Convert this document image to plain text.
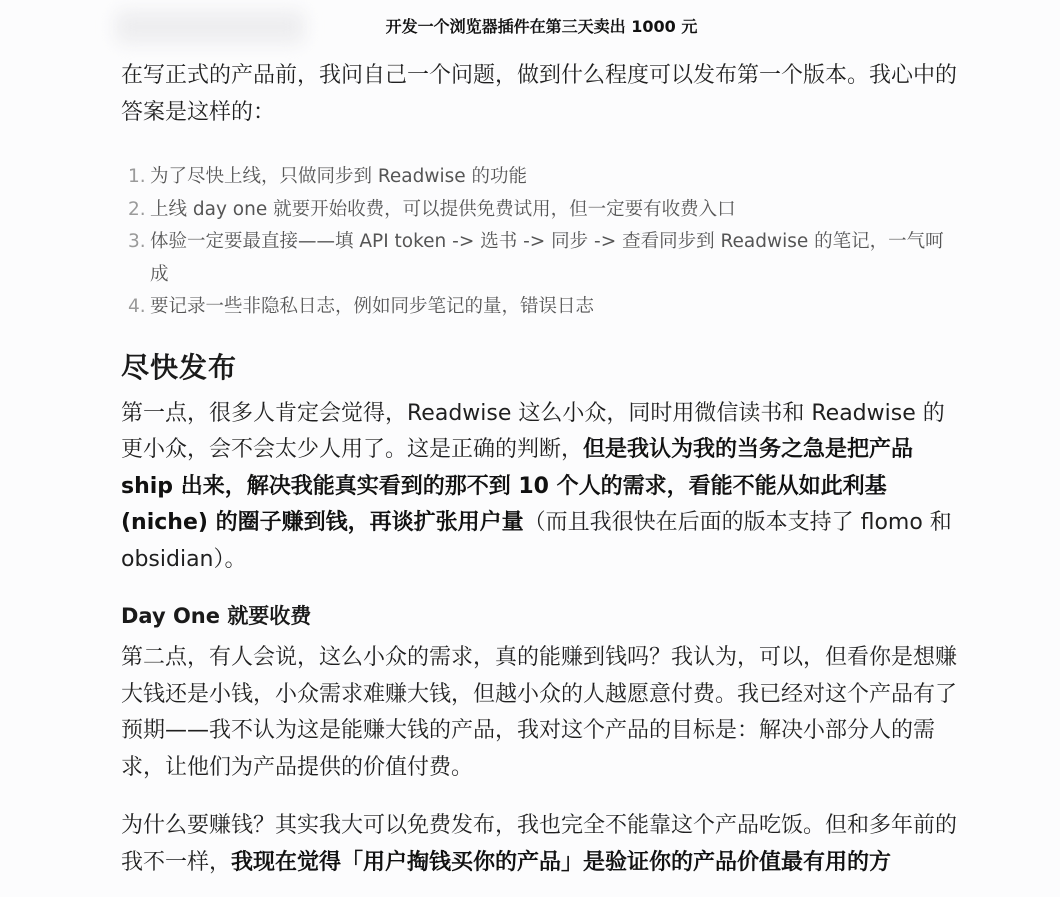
开发一个浏览器插件在第三天卖出 1000 元

在写正式的产品前，我问自己一个问题，做到什么程度可以发布第一个版本。我心中的答案是这样的：

1. 为了尽快上线，只做同步到 Readwise 的功能
2. 上线 day one 就要开始收费，可以提供免费试用，但一定要有收费入口
3. 体验一定要最直接——填 API token -> 选书 -> 同步 -> 查看同步到 Readwise 的笔记，一气呵成
4. 要记录一些非隐私日志，例如同步笔记的量，错误日志
尽快发布

第一点，很多人肯定会觉得，Readwise 这么小众，同时用微信读书和 Readwise 的更小众，会不会太少人用了。这是正确的判断，但是我认为我的当务之急是把产品 ship 出来，解决我能真实看到的那不到 10 个人的需求，看能不能从如此利基 (niche) 的圈子赚到钱，再谈扩张用户量（而且我很快在后面的版本支持了 flomo 和 obsidian）。

Day One 就要收费

第二点，有人会说，这么小众的需求，真的能赚到钱吗？我认为，可以，但看你是想赚大钱还是小钱，小众需求难赚大钱，但越小众的人越愿意付费。我已经对这个产品有了预期——我不认为这是能赚大钱的产品，我对这个产品的目标是：解决小部分人的需求，让他们为产品提供的价值付费。

为什么要赚钱？其实我大可以免费发布，我也完全不能靠这个产品吃饭。但和多年前的我不一样，我现在觉得「用户掏钱买你的产品」是验证你的产品价值最有用的方
